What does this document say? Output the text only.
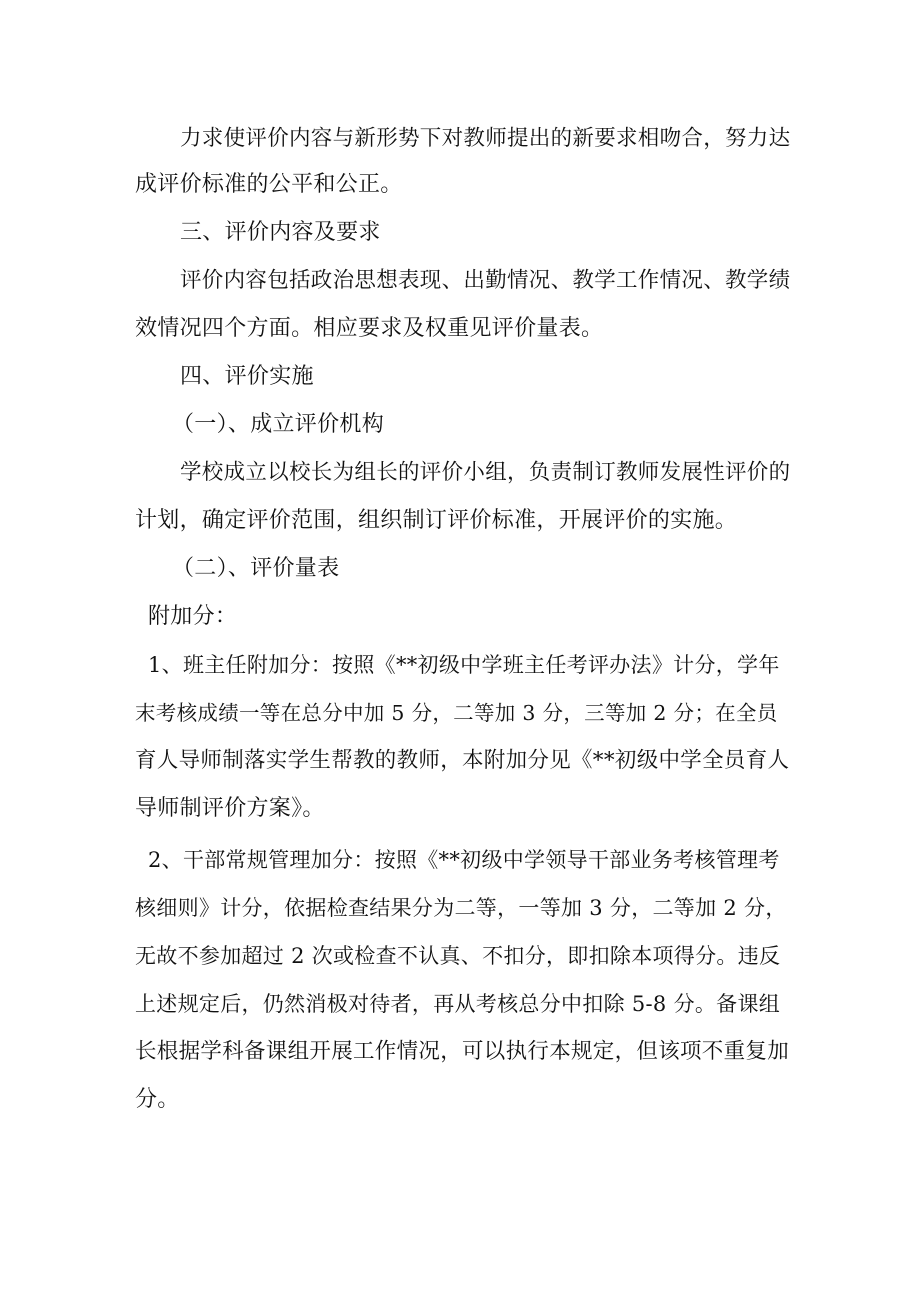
力求使评价内容与新形势下对教师提出的新要求相吻合，努力达
成评价标准的公平和公正。
三、评价内容及要求
评价内容包括政治思想表现、出勤情况、教学工作情况、教学绩
效情况四个方面。相应要求及权重见评价量表。
四、评价实施
（一）、成立评价机构
学校成立以校长为组长的评价小组，负责制订教师发展性评价的
计划，确定评价范围，组织制订评价标准，开展评价的实施。
（二）、评价量表
附加分：
1、班主任附加分：按照《**初级中学班主任考评办法》计分，学年
末考核成绩一等在总分中加 5 分，二等加 3 分，三等加 2 分；在全员
育人导师制落实学生帮教的教师，本附加分见《**初级中学全员育人
导师制评价方案》。
2、干部常规管理加分：按照《**初级中学领导干部业务考核管理考
核细则》计分，依据检查结果分为二等，一等加 3 分，二等加 2 分，
无故不参加超过 2 次或检查不认真、不扣分，即扣除本项得分。违反
上述规定后，仍然消极对待者，再从考核总分中扣除 5-8 分。备课组
长根据学科备课组开展工作情况，可以执行本规定，但该项不重复加
分。
